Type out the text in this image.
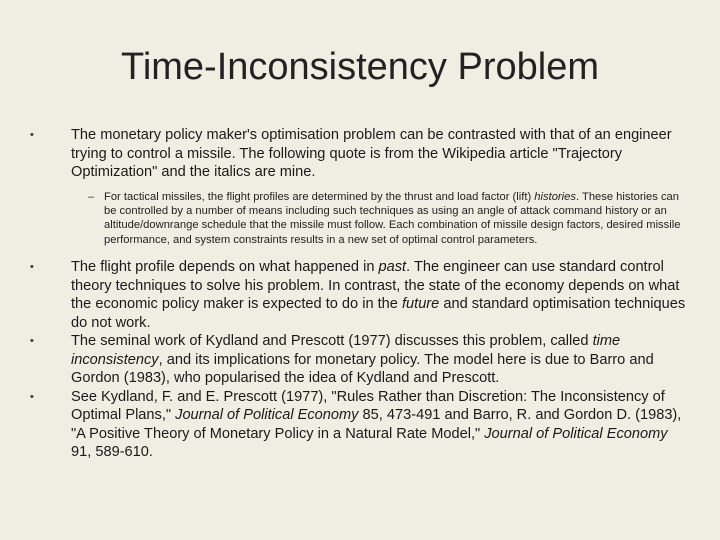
Time-Inconsistency Problem
•	The monetary policy maker's optimisation problem can be contrasted with that of an engineer trying to control a missile. The following quote is from the Wikipedia article "Trajectory Optimization" and the italics are mine.
– For tactical missiles, the flight profiles are determined by the thrust and load factor (lift) histories. These histories can be controlled by a number of means including such techniques as using an angle of attack command history or an altitude/downrange schedule that the missile must follow. Each combination of missile design factors, desired missile performance, and system constraints results in a new set of optimal control parameters.
•	The flight profile depends on what happened in past. The engineer can use standard control theory techniques to solve his problem. In contrast, the state of the economy depends on what the economic policy maker is expected to do in the future and standard optimisation techniques do not work.
•	The seminal work of Kydland and Prescott (1977) discusses this problem, called time inconsistency, and its implications for monetary policy. The model here is due to Barro and Gordon (1983), who popularised the idea of Kydland and Prescott.
•	See Kydland, F. and E. Prescott (1977), "Rules Rather than Discretion: The Inconsistency of Optimal Plans," Journal of Political Economy 85, 473-491 and Barro, R. and Gordon D. (1983), "A Positive Theory of Monetary Policy in a Natural Rate Model," Journal of Political Economy 91, 589-610.
